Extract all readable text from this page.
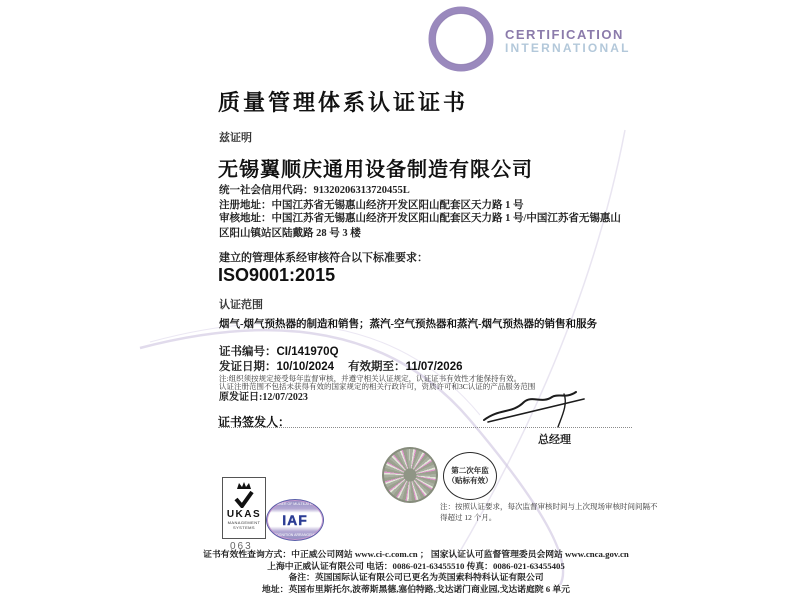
CERTIFICATION
INTERNATIONAL
质量管理体系认证证书
兹证明
无锡翼顺庆通用设备制造有限公司
统一社会信用代码：91320206313720455L
注册地址：中国江苏省无锡惠山经济开发区阳山配套区天力路 1 号
审核地址：中国江苏省无锡惠山经济开发区阳山配套区天力路 1 号/中国江苏省无锡惠山区阳山镇站区陆戴路 28 号 3 楼
建立的管理体系经审核符合以下标准要求：
ISO9001:2015
认证范围
烟气-烟气预热器的制造和销售；蒸汽-空气预热器和蒸汽-烟气预热器的销售和服务
证书编号：CI/141970Q
发证日期：10/10/2024 有效期至：11/07/2026
注:组织须按规定接受每年监督审核，并遵守相关认证规定，认证证书有效性才能保持有效。
认证注册范围不包括未获得有效的国家规定的相关行政许可，资质许可和3C认证的产品服务范围
原发证日:12/07/2023
证书签发人：
总经理
第二次年监
（贴标有效）
注：按照认证要求，每次监督审核时间与上次现场审核时间间隔不得超过 12 个月。
UKAS
MANAGEMENT SYSTEMS
063
MEMBER OF MULTILATERAL
IAF
RECOGNITION ARRANGEMENT
证书有效性查询方式：中正威公司网站 www.ci-c.com.cn ； 国家认证认可监督管理委员会网站 www.cnca.gov.cn
上海中正威认证有限公司 电话：0086-021-63455510 传真：0086-021-63455405
备注：英国国际认证有限公司已更名为英国索科特科认证有限公司
地址：英国布里斯托尔,波蒂斯黑德,塞伯特路,戈达诺门商业园,戈达诺庭院 6 单元
